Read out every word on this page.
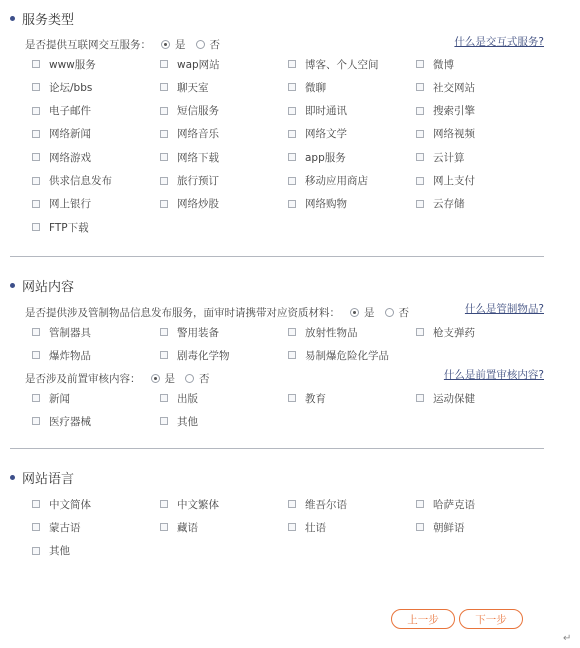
服务类型
是否提供互联网交互服务： 是 否	什么是交互式服务?
www服务	wap网站	博客、个人空间	微博
论坛/bbs	聊天室	微聊	社交网站
电子邮件	短信服务	即时通讯	搜索引擎
网络新闻	网络音乐	网络文学	网络视频
网络游戏	网络下载	app服务	云计算
供求信息发布	旅行预订	移动应用商店	网上支付
网上银行	网络炒股	网络购物	云存储
FTP下载
网站内容
是否提供涉及管制物品信息发布服务，面审时请携带对应资质材料： 是 否	什么是管制物品?
管制器具	警用装备	放射性物品	枪支弹药
爆炸物品	剧毒化学物	易制爆危险化学品
是否涉及前置审核内容： 是 否	什么是前置审核内容?
新闻	出版	教育	运动保健
医疗器械	其他
网站语言
中文简体	中文繁体	维吾尔语	哈萨克语
蒙古语	藏语	壮语	朝鲜语
其他
上一步	下一步
↵
